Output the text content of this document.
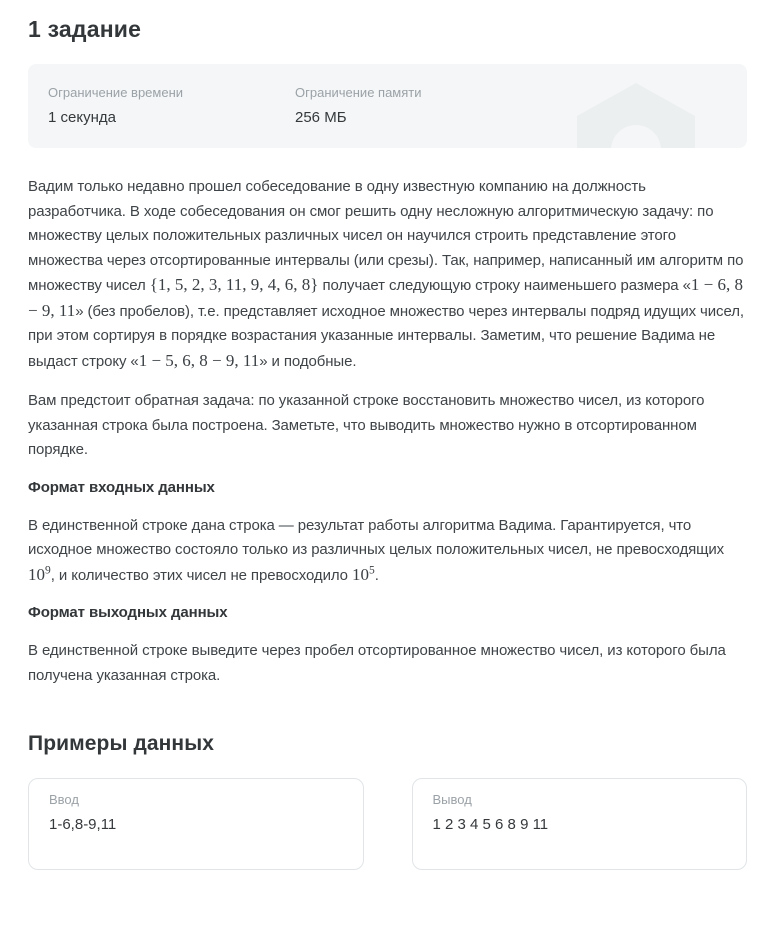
1 задание
Ограничение времени
1 секунда
Ограничение памяти
256 МБ

Вадим только недавно прошел собеседование в одну известную компанию на должность разработчика. В ходе собеседования он смог решить одну несложную алгоритмическую задачу: по множеству целых положительных различных чисел он научился строить представление этого множества через отсортированные интервалы (или срезы). Так, например, написанный им алгоритм по множеству чисел {1, 5, 2, 3, 11, 9, 4, 6, 8} получает следующую строку наименьшего размера «1 − 6, 8 − 9, 11» (без пробелов), т.е. представляет исходное множество через интервалы подряд идущих чисел, при этом сортируя в порядке возрастания указанные интервалы. Заметим, что решение Вадима не выдаст строку «1 − 5, 6, 8 − 9, 11» и подобные.

Вам предстоит обратная задача: по указанной строке восстановить множество чисел, из которого указанная строка была построена. Заметьте, что выводить множество нужно в отсортированном порядке.

Формат входных данных

В единственной строке дана строка — результат работы алгоритма Вадима. Гарантируется, что исходное множество состояло только из различных целых положительных чисел, не превосходящих $10^9$, и количество этих чисел не превосходило $10^5$.

Формат выходных данных

В единственной строке выведите через пробел отсортированное множество чисел, из которого была получена указанная строка.

Примеры данных
Ввод
1-6,8-9,11
Вывод
1 2 3 4 5 6 8 9 11
